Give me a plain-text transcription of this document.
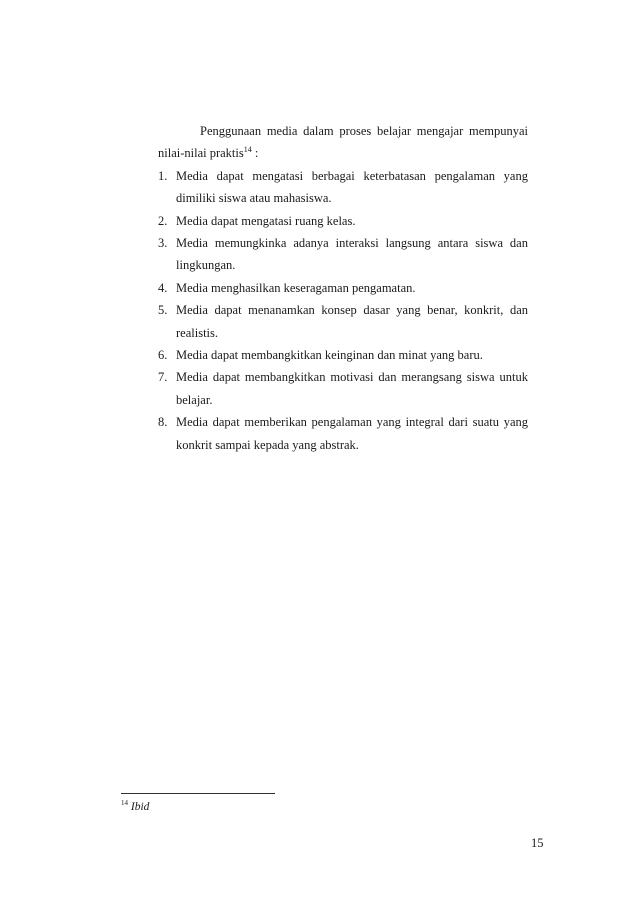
Penggunaan media dalam proses belajar mengajar mempunyai nilai-nilai praktis$^{14}$ :

1. Media dapat mengatasi berbagai keterbatasan pengalaman yang dimiliki siswa atau mahasiswa.
2. Media dapat mengatasi ruang kelas.
3. Media memungkinka adanya interaksi langsung antara siswa dan lingkungan.
4. Media menghasilkan keseragaman pengamatan.
5. Media dapat menanamkan konsep dasar yang benar, konkrit, dan realistis.
6. Media dapat membangkitkan keinginan dan minat yang baru.
7. Media dapat membangkitkan motivasi dan merangsang siswa untuk belajar.
8. Media dapat memberikan pengalaman yang integral dari suatu yang konkrit sampai kepada yang abstrak.
$^{14}$ Ibid
15
